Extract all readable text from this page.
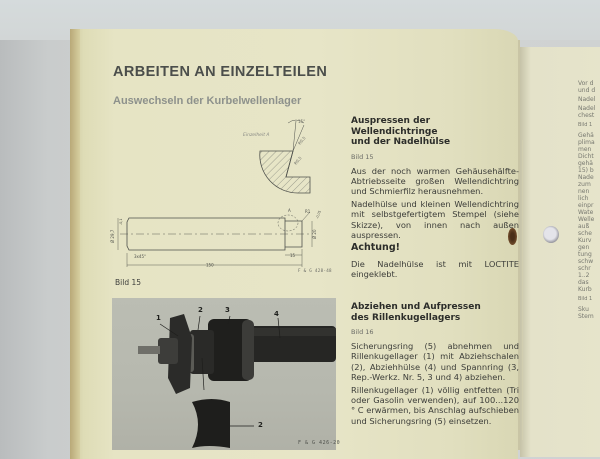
ARBEITEN AN EINZELTEILEN
Auswechseln der Kurbelwellenlager
Einzelheit A
15°
R0,5
R0,5
Ø 29,7
-0,1
3x45°
150
15
Ø 20
-0,05
R1
A
F & G 428-48
Bild 15
1
2	3	4
2
F & G 426-20
Auspressen der Wellendichtringe
und der Nadelhülse
Bild 15
Aus der noch warmen Gehäusehälfte-Abtriebsseite großen Wellendichtring und Schmierfilz herausnehmen.
Nadelhülse und kleinen Wellendichtring mit selbstgefertigtem Stempel (siehe Skizze), von innen nach außen auspressen.
Achtung!
Die Nadelhülse ist mit LOCTITE eingeklebt.
Abziehen und Aufpressen
des Rillenkugellagers
Bild 16
Sicherungsring (5) abnehmen und Rillenkugellager (1) mit Abziehschalen (2), Abziehhülse (4) und Spannring (3, Rep.-Werkz. Nr. 5, 3 und 4) abziehen.
Rillenkugellager (1) völlig entfetten (Tri oder Gasolin verwenden), auf 100...120 ° C erwärmen, bis Anschlag aufschieben und Sicherungsring (5) einsetzen.
Vor d
und d
Nadel
Nadel
chest
Bild 1
Gehä
plima
men
Dicht
gehä
15) b
Nade
zum
nen
lich
einpr
Wate
Welle
auß
sche
Kurv
gen
tung
schw
schr
1..2
das
Kurb
Bild 1
Sku
Stem
